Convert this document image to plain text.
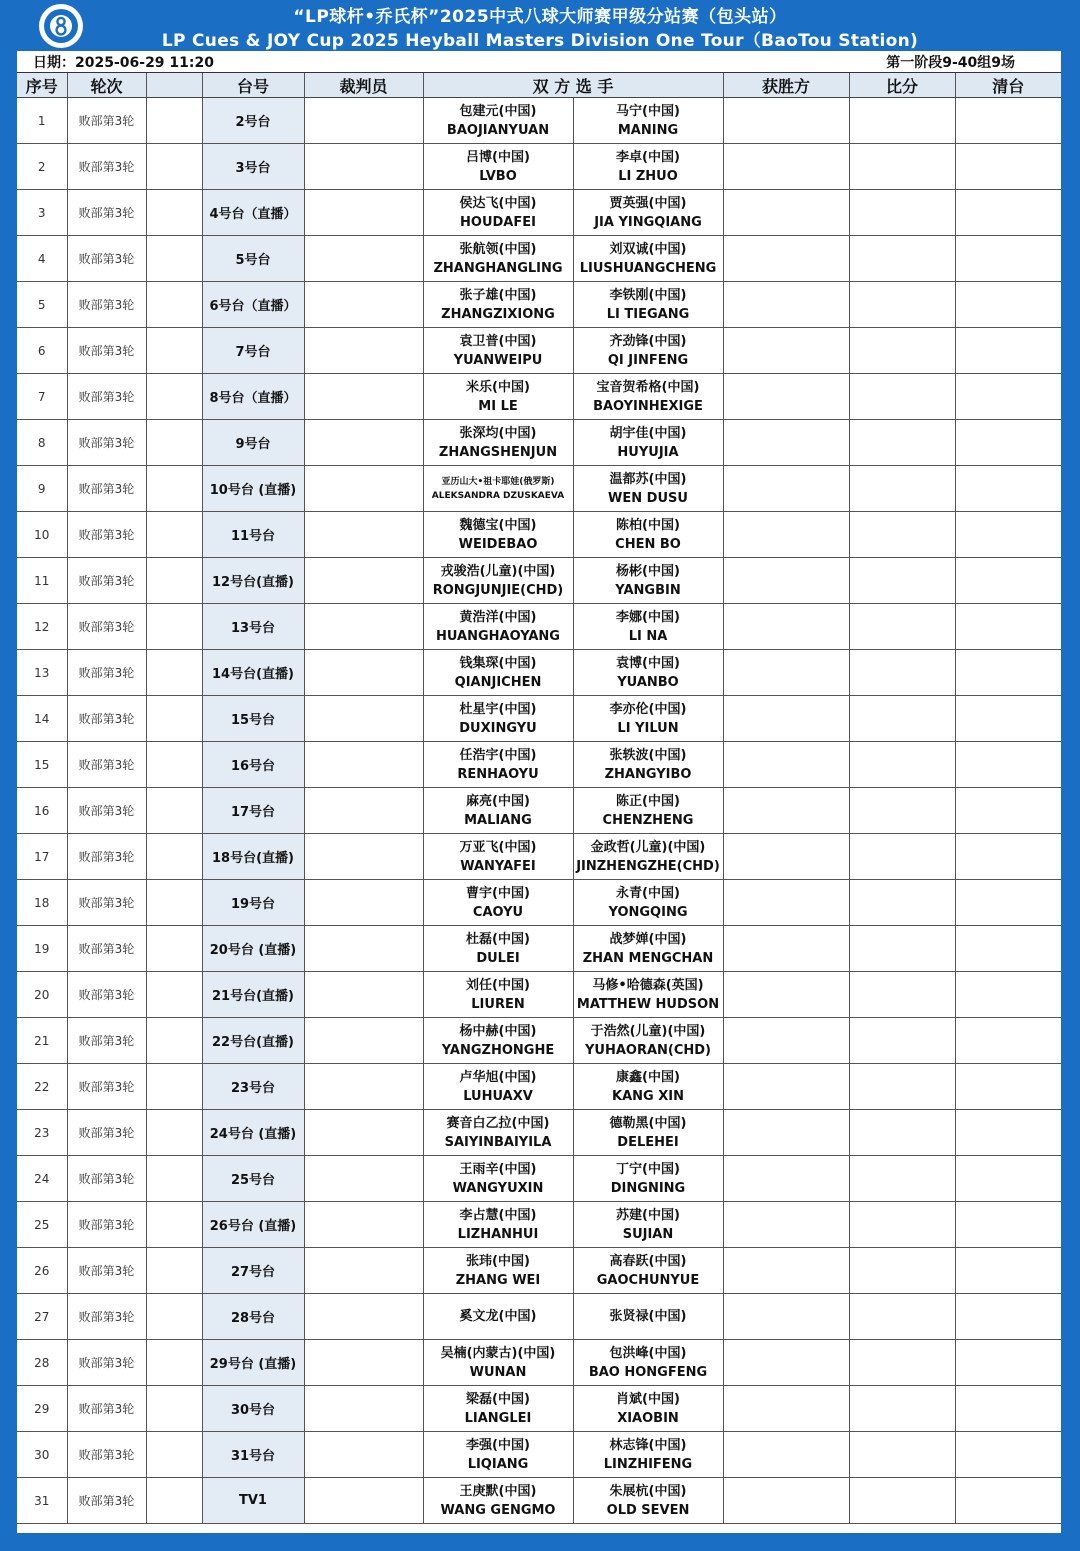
“LP球杆•乔氏杯”2025中式八球大师赛甲级分站赛（包头站）
LP Cues & JOY Cup 2025 Heyball Masters Division One Tour（BaoTou Station)
日期：2025-06-29 11:20	第一阶段9-40组9场
序号	轮次		台号	裁判员	双 方 选 手		获胜方	比分	清台
1	败部第3轮		2号台		包建元(中国)
BAOJIANYUAN	马宁(中国)
MANING			

2	败部第3轮		3号台		吕博(中国)
LVBO	李卓(中国)
LI ZHUO			

3	败部第3轮		4号台（直播）		侯达飞(中国)
HOUDAFEI	贾英强(中国)
JIA YINGQIANG			

4	败部第3轮		5号台		张航领(中国)
ZHANGHANGLING	刘双诚(中国)
LIUSHUANGCHENG			

5	败部第3轮		6号台（直播）		张子雄(中国)
ZHANGZIXIONG	李铁刚(中国)
LI TIEGANG			

6	败部第3轮		7号台		袁卫普(中国)
YUANWEIPU	齐劲锋(中国)
QI JINFENG			

7	败部第3轮		8号台（直播）		米乐(中国)
MI LE	宝音贺希格(中国)
BAOYINHEXIGE			

8	败部第3轮		9号台		张深均(中国)
ZHANGSHENJUN	胡宇佳(中国)
HUYUJIA			

9	败部第3轮		10号台 (直播)		亚历山大•祖卡耶娃(俄罗斯)
ALEKSANDRA DZUSKAEVA	温都苏(中国)
WEN DUSU			

10	败部第3轮		11号台		魏德宝(中国)
WEIDEBAO	陈柏(中国)
CHEN BO			

11	败部第3轮		12号台(直播)		戎骏浩(儿童)(中国)
RONGJUNJIE(CHD)	杨彬(中国)
YANGBIN			

12	败部第3轮		13号台		黄浩洋(中国)
HUANGHAOYANG	李娜(中国)
LI NA			

13	败部第3轮		14号台(直播)		钱集琛(中国)
QIANJICHEN	袁博(中国)
YUANBO			

14	败部第3轮		15号台		杜星宇(中国)
DUXINGYU	李亦伦(中国)
LI YILUN			

15	败部第3轮		16号台		任浩宇(中国)
RENHAOYU	张轶波(中国)
ZHANGYIBO			

16	败部第3轮		17号台		麻亮(中国)
MALIANG	陈正(中国)
CHENZHENG			

17	败部第3轮		18号台(直播)		万亚飞(中国)
WANYAFEI	金政哲(儿童)(中国)
JINZHENGZHE(CHD)			

18	败部第3轮		19号台		曹宇(中国)
CAOYU	永青(中国)
YONGQING			

19	败部第3轮		20号台 (直播)		杜磊(中国)
DULEI	战梦婵(中国)
ZHAN MENGCHAN			

20	败部第3轮		21号台(直播)		刘任(中国)
LIUREN	马修•哈德森(英国)
MATTHEW HUDSON			

21	败部第3轮		22号台(直播)		杨中赫(中国)
YANGZHONGHE	于浩然(儿童)(中国)
YUHAORAN(CHD)			

22	败部第3轮		23号台		卢华旭(中国)
LUHUAXV	康鑫(中国)
KANG XIN			

23	败部第3轮		24号台 (直播)		赛音白乙拉(中国)
SAIYINBAIYILA	德勒黑(中国)
DELEHEI			

24	败部第3轮		25号台		王雨辛(中国)
WANGYUXIN	丁宁(中国)
DINGNING			

25	败部第3轮		26号台 (直播)		李占慧(中国)
LIZHANHUI	苏建(中国)
SUJIAN			

26	败部第3轮		27号台		张玮(中国)
ZHANG WEI	高春跃(中国)
GAOCHUNYUE			

27	败部第3轮		28号台		奚文龙(中国)	张贤禄(中国)			

28	败部第3轮		29号台 (直播)		吴楠(内蒙古)(中国)
WUNAN	包洪峰(中国)
BAO HONGFENG			

29	败部第3轮		30号台		梁磊(中国)
LIANGLEI	肖斌(中国)
XIAOBIN			

30	败部第3轮		31号台		李强(中国)
LIQIANG	林志锋(中国)
LINZHIFENG			

31	败部第3轮		TV1		王庚默(中国)
WANG GENGMO	朱展杭(中国)
OLD SEVEN			
